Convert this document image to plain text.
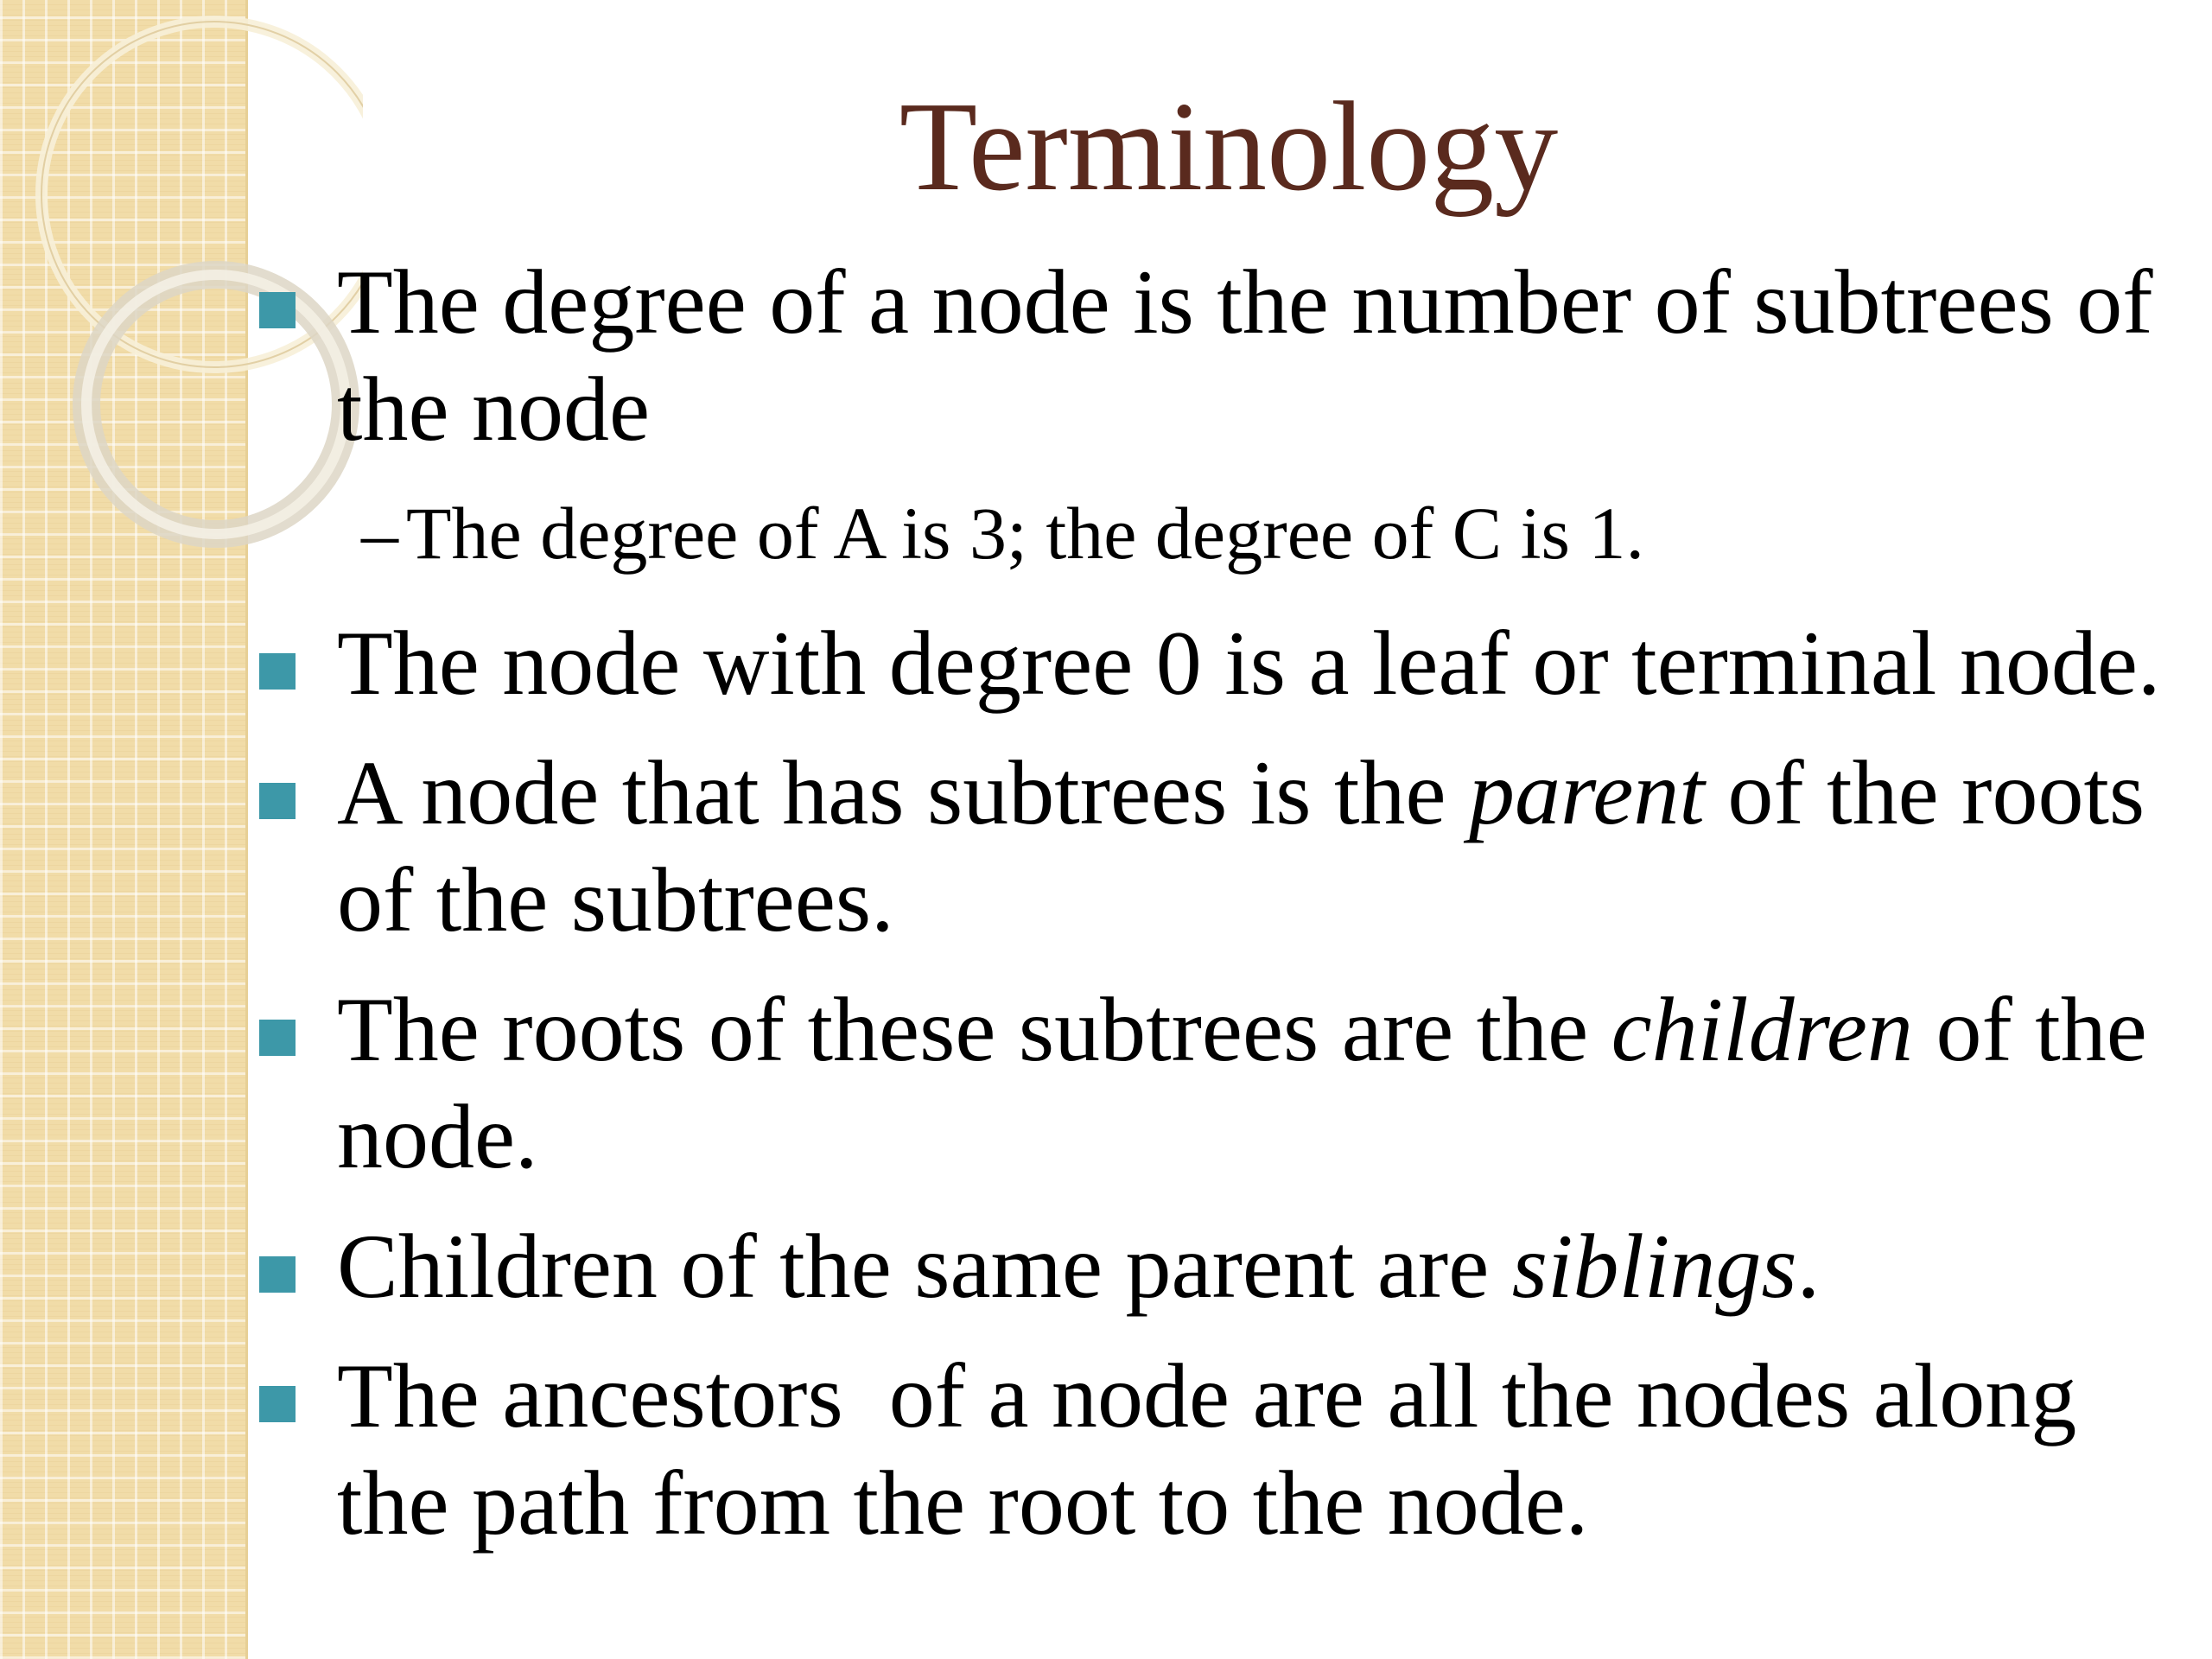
Terminology
The degree of a node is the number of subtrees of the node
– The degree of A is 3; the degree of C is 1.
The node with degree 0 is a leaf or terminal node.
A node that has subtrees is the parent of the roots of the subtrees.
The roots of these subtrees are the children of the node.
Children of the same parent are siblings.
The ancestors  of a node are all the nodes along the path from the root to the node.
